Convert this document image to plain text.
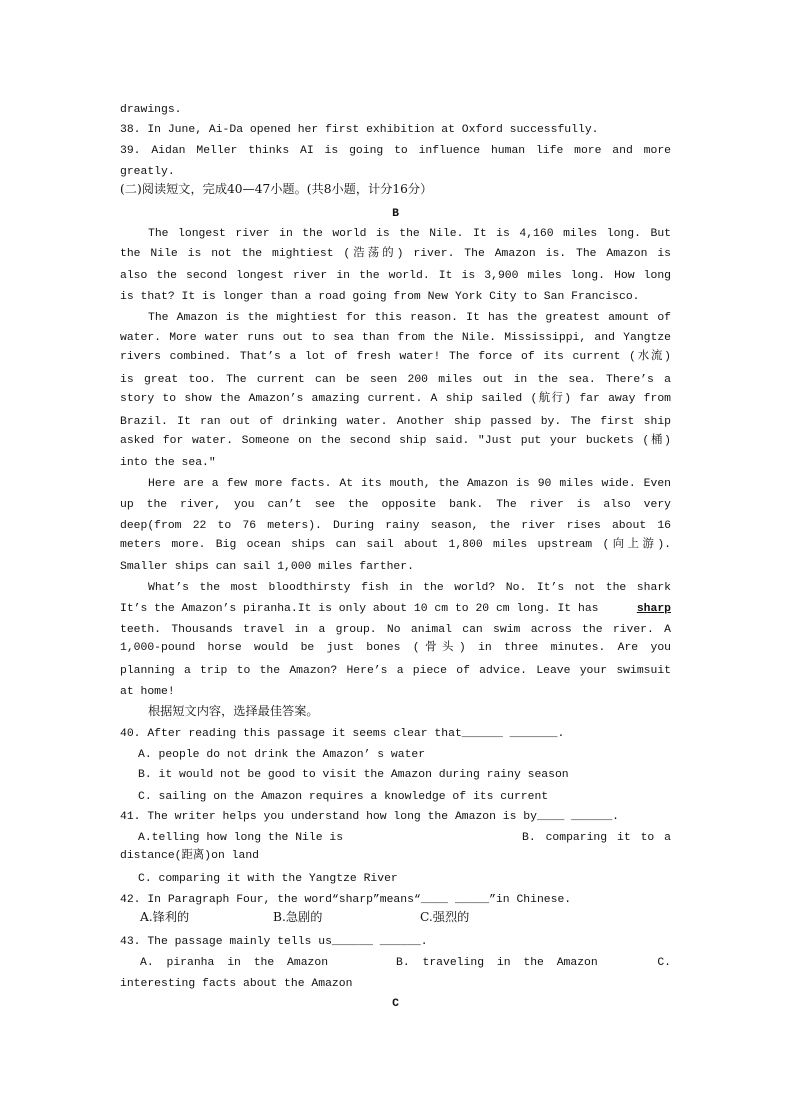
drawings.
38. In June, Ai-Da opened her first exhibition at Oxford successfully.
39. Aidan Meller thinks AI is going to influence human life more and more
greatly.
(二)阅读短文，完成40—47小题。(共8小题，计分16分）
B
The longest river in the world is the Nile. It is 4,160 miles long. But
the Nile is not the mightiest (浩荡的) river. The Amazon is. The Amazon is
also the second longest river in the world. It is 3,900 miles long. How long
is that? It is longer than a road going from New York City to San Francisco.
The Amazon is the mightiest for this reason. It has the greatest amount of
water. More water runs out to sea than from the Nile. Mississippi, and Yangtze
rivers combined. That’s a lot of fresh water! The force of its current (水流)
is great too. The current can be seen 200 miles out in the sea. There’s a
story to show the Amazon’s amazing current. A ship sailed (航行) far away from
Brazil. It ran out of drinking water. Another ship passed by. The first ship
asked for water. Someone on the second ship said. ″Just put your buckets (桶)
into the sea.″
Here are a few more facts. At its mouth, the Amazon is 90 miles wide. Even
up the river, you can’t see the opposite bank. The river is also very
deep(from 22 to 76 meters). During rainy season, the river rises about 16
meters more. Big ocean ships can sail about 1,800 miles upstream (向上游).
Smaller ships can sail 1,000 miles farther.
What’s the most bloodthirsty fish in the world? No. It’s not the shark
It’s the Amazon’s piranha.It is only about 10 cm to 20 cm long. It has	sharp
teeth. Thousands travel in a group. No animal can swim across the river. A
1,000-pound horse would be just bones (骨头) in three minutes. Are you
planning a trip to the Amazon? Here’s a piece of advice. Leave your swimsuit
at home!
根据短文内容，选择最佳答案。
40. After reading this passage it seems clear that______ _______.
A. people do not drink the Amazon’ s water
B. it would not be good to visit the Amazon during rainy season
C. sailing on the Amazon requires a knowledge of its current
41. The writer helps you understand how long the Amazon is by____ ______.
A.telling how long the Nile is	B. comparing it to a
distance(距离)on land
C. comparing it with the Yangtze River
42. In Paragraph Four, the word“sharp”means“____ _____”in Chinese.
A.锋利的	B.急剧的	C.强烈的
43. The passage mainly tells us______ ______.
A. piranha in the Amazon	B. traveling in the Amazon	C.
interesting facts about the Amazon
C
